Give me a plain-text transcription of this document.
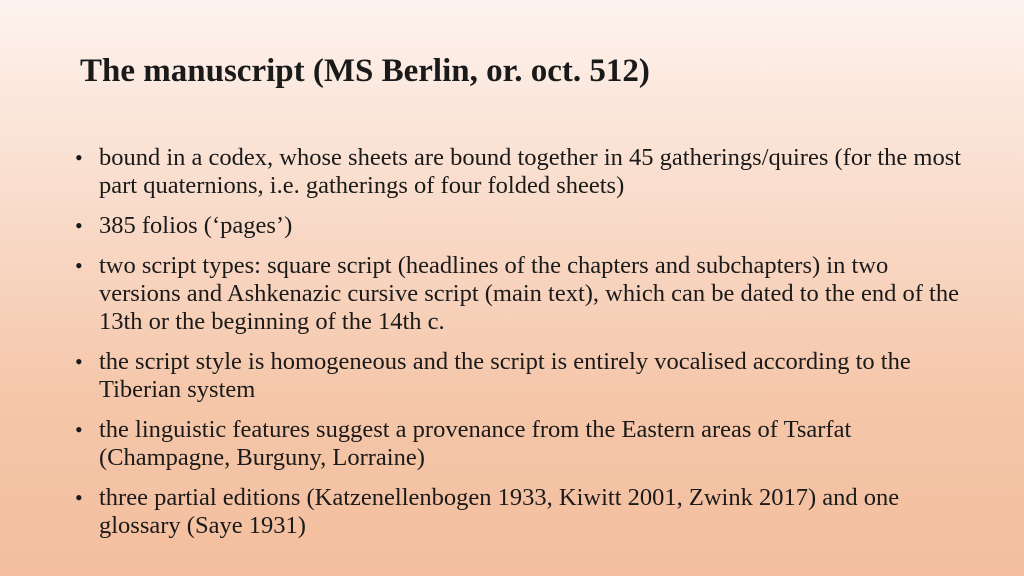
The manuscript (MS Berlin, or. oct. 512)
• bound in a codex, whose sheets are bound together in 45 gatherings/quires (for the most part quaternions, i.e. gatherings of four folded sheets)
• 385 folios (‘pages’)
• two script types: square script (headlines of the chapters and subchapters) in two versions and Ashkenazic cursive script (main text), which can be dated to the end of the 13th or the beginning of the 14th c.
• the script style is homogeneous and the script is entirely vocalised according to the Tiberian system
• the linguistic features suggest a provenance from the Eastern areas of Tsarfat (Champagne, Burguny, Lorraine)
• three partial editions (Katzenellenbogen 1933, Kiwitt 2001, Zwink 2017) and one glossary (Saye 1931)
